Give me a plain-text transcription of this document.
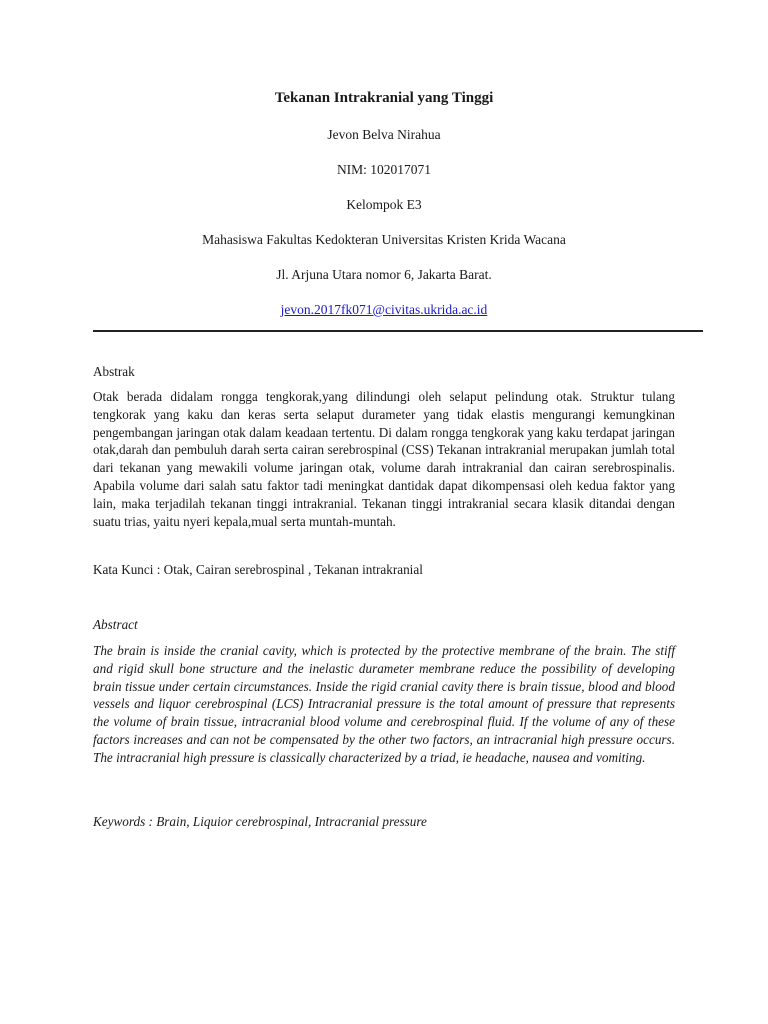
Tekanan Intrakranial yang Tinggi
Jevon Belva Nirahua
NIM: 102017071
Kelompok E3
Mahasiswa Fakultas Kedokteran Universitas Kristen Krida Wacana
Jl. Arjuna Utara nomor 6, Jakarta Barat.
jevon.2017fk071@civitas.ukrida.ac.id
Abstrak

Otak berada didalam rongga tengkorak,yang dilindungi oleh selaput pelindung otak. Struktur tulang tengkorak yang kaku dan keras serta selaput durameter yang tidak elastis mengurangi kemungkinan pengembangan jaringan otak dalam keadaan tertentu. Di dalam rongga tengkorak yang kaku terdapat jaringan otak,darah dan pembuluh darah serta cairan serebrospinal (CSS) Tekanan intrakranial merupakan jumlah total dari tekanan yang mewakili volume jaringan otak, volume darah intrakranial dan cairan serebrospinalis. Apabila volume dari salah satu faktor tadi meningkat dantidak dapat dikompensasi oleh kedua faktor yang lain, maka terjadilah tekanan tinggi intrakranial. Tekanan tinggi intrakranial secara klasik ditandai dengan suatu trias, yaitu nyeri kepala,mual serta muntah-muntah.

Kata Kunci : Otak, Cairan serebrospinal , Tekanan intrakranial
Abstract

The brain is inside the cranial cavity, which is protected by the protective membrane of the brain. The stiff and rigid skull bone structure and the inelastic durameter membrane reduce the possibility of developing brain tissue under certain circumstances. Inside the rigid cranial cavity there is brain tissue, blood and blood vessels and liquor cerebrospinal (LCS) Intracranial pressure is the total amount of pressure that represents the volume of brain tissue, intracranial blood volume and cerebrospinal fluid. If the volume of any of these factors increases and can not be compensated by the other two factors, an intracranial high pressure occurs. The intracranial high pressure is classically characterized by a triad, ie headache, nausea and vomiting.

Keywords : Brain, Liquior cerebrospinal, Intracranial pressure
